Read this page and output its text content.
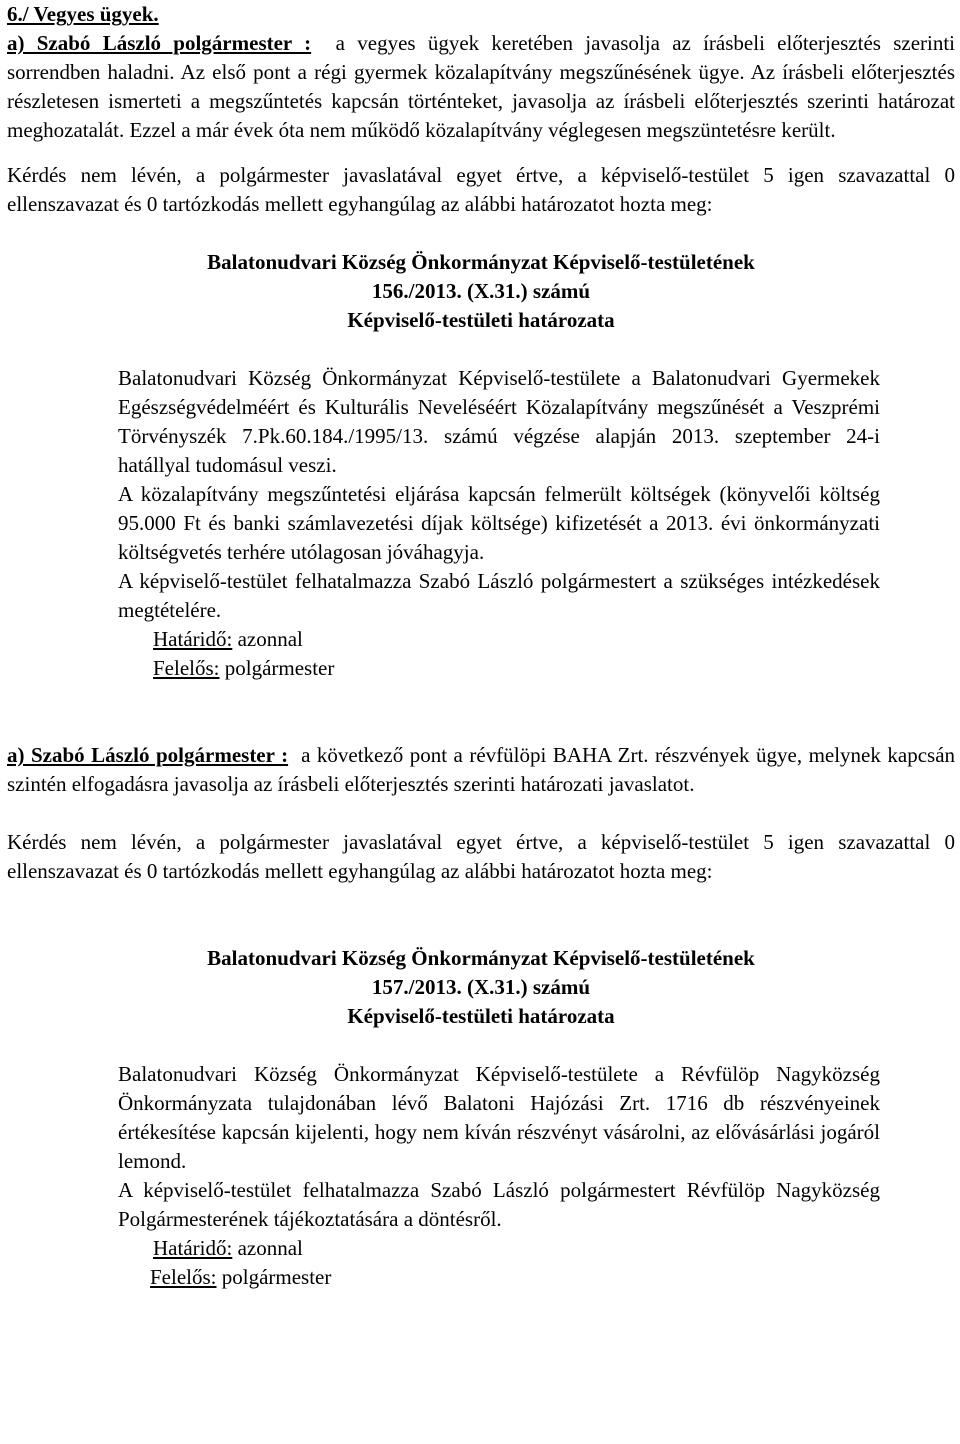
6./ Vegyes ügyek.

a) Szabó László polgármester : a vegyes ügyek keretében javasolja az írásbeli előterjesztés szerinti sorrendben haladni. Az első pont a régi gyermek közalapítvány megszűnésének ügye. Az írásbeli előterjesztés részletesen ismerteti a megszűntetés kapcsán történteket, javasolja az írásbeli előterjesztés szerinti határozat meghozatalát. Ezzel a már évek óta nem működő közalapítvány véglegesen megszüntetésre került.

Kérdés nem lévén, a polgármester javaslatával egyet értve, a képviselő-testület 5 igen szavazattal 0 ellenszavazat és 0 tartózkodás mellett egyhangúlag az alábbi határozatot hozta meg:

Balatonudvari Község Önkormányzat Képviselő-testületének
156./2013. (X.31.) számú
Képviselő-testületi határozata

Balatonudvari Község Önkormányzat Képviselő-testülete a Balatonudvari Gyermekek Egészségvédelméért és Kulturális Neveléséért Közalapítvány megszűnését a Veszprémi Törvényszék 7.Pk.60.184./1995/13. számú végzése alapján 2013. szeptember 24-i hatállyal tudomásul veszi.

A közalapítvány megszűntetési eljárása kapcsán felmerült költségek (könyvelői költség 95.000 Ft és banki számlavezetési díjak költsége) kifizetését a 2013. évi önkormányzati költségvetés terhére utólagosan jóváhagyja.

A képviselő-testület felhatalmazza Szabó László polgármestert a szükséges intézkedések megtételére.

Határidő: azonnal
Felelős: polgármester

a) Szabó László polgármester : a következő pont a révfülöpi BAHA Zrt. részvények ügye, melynek kapcsán szintén elfogadásra javasolja az írásbeli előterjesztés szerinti határozati javaslatot.

Kérdés nem lévén, a polgármester javaslatával egyet értve, a képviselő-testület 5 igen szavazattal 0 ellenszavazat és 0 tartózkodás mellett egyhangúlag az alábbi határozatot hozta meg:

Balatonudvari Község Önkormányzat Képviselő-testületének
157./2013. (X.31.) számú
Képviselő-testületi határozata

Balatonudvari Község Önkormányzat Képviselő-testülete a Révfülöp Nagyközség Önkormányzata tulajdonában lévő Balatoni Hajózási Zrt. 1716 db részvényeinek értékesítése kapcsán kijelenti, hogy nem kíván részvényt vásárolni, az elővásárlási jogáról lemond.

A képviselő-testület felhatalmazza Szabó László polgármestert Révfülöp Nagyközség Polgármesterének tájékoztatására a döntésről.

Határidő: azonnal
Felelős: polgármester
